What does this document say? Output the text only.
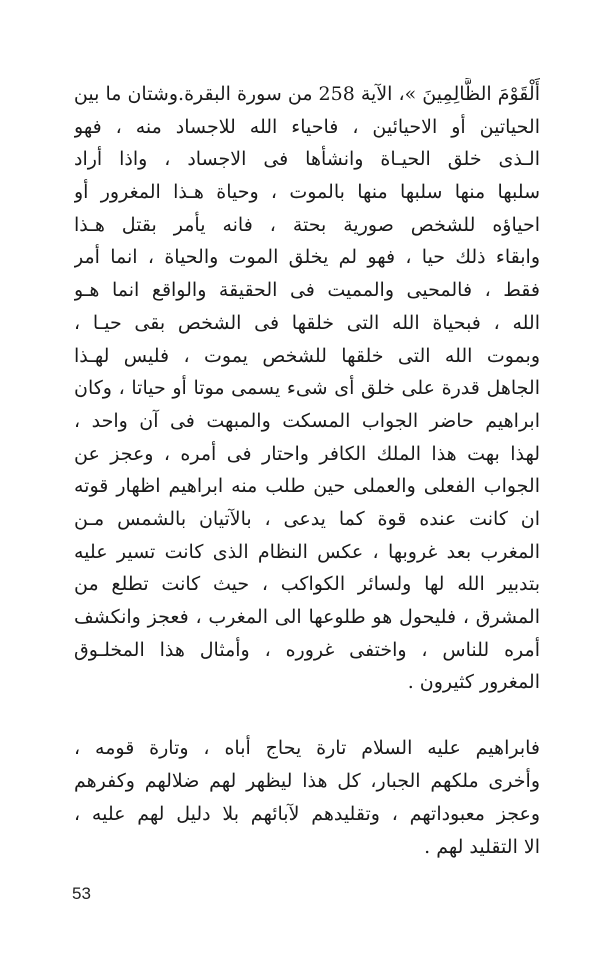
أَلْقَوْمَ الظَّالِمِينَ »، الآية 258 من سورة البقرة.وشتان ما بين
الحياتين أو الاحيائين ، فاحياء الله للاجساد منه ، فهو
الـذى خلق الحيـاة وانشأها فى الاجساد ، واذا أراد
سلبها منها سلبها منها بالموت ، وحياة هـذا المغرور أو
احياؤه للشخص صورية بحتة ، فانه يأمر بقتل هـذا
وابقاء ذلك حيا ، فهو لم يخلق الموت والحياة ، انما أمر
فقط ، فالمحيى والمميت فى الحقيقة والواقع انما هـو
الله ، فبحياة الله التى خلقها فى الشخص بقى حيـا ،
وبموت الله التى خلقها للشخص يموت ، فليس لهـذا
الجاهل قدرة على خلق أى شىء يسمى موتا أو حياتا ، وكان
ابراهيم حاضر الجواب المسكت والمبهت فى آن واحد ،
لهذا بهت هذا الملك الكافر واحتار فى أمره ، وعجز عن
الجواب الفعلى والعملى حين طلب منه ابراهيم اظهار قوته
ان كانت عنده قوة كما يدعى ، بالآتيان بالشمس مـن
المغرب بعد غروبها ، عكس النظام الذى كانت تسير عليه
بتدبير الله لها ولسائر الكواكب ، حيث كانت تطلع من
المشرق ، فليحول هو طلوعها الى المغرب ، فعجز وانكشف
أمره للناس ، واختفى غروره ، وأمثال هذا المخلـوق
المغرور كثيرون .
فابراهيم عليه السلام تارة يحاج أباه ، وتارة قومه ،
وأخرى ملكهم الجبار، كل هذا ليظهر لهم ضلالهم وكفرهم
وعجز معبوداتهم ، وتقليدهم لآبائهم بلا دليل لهم عليه ،
الا التقليد لهم .
53
